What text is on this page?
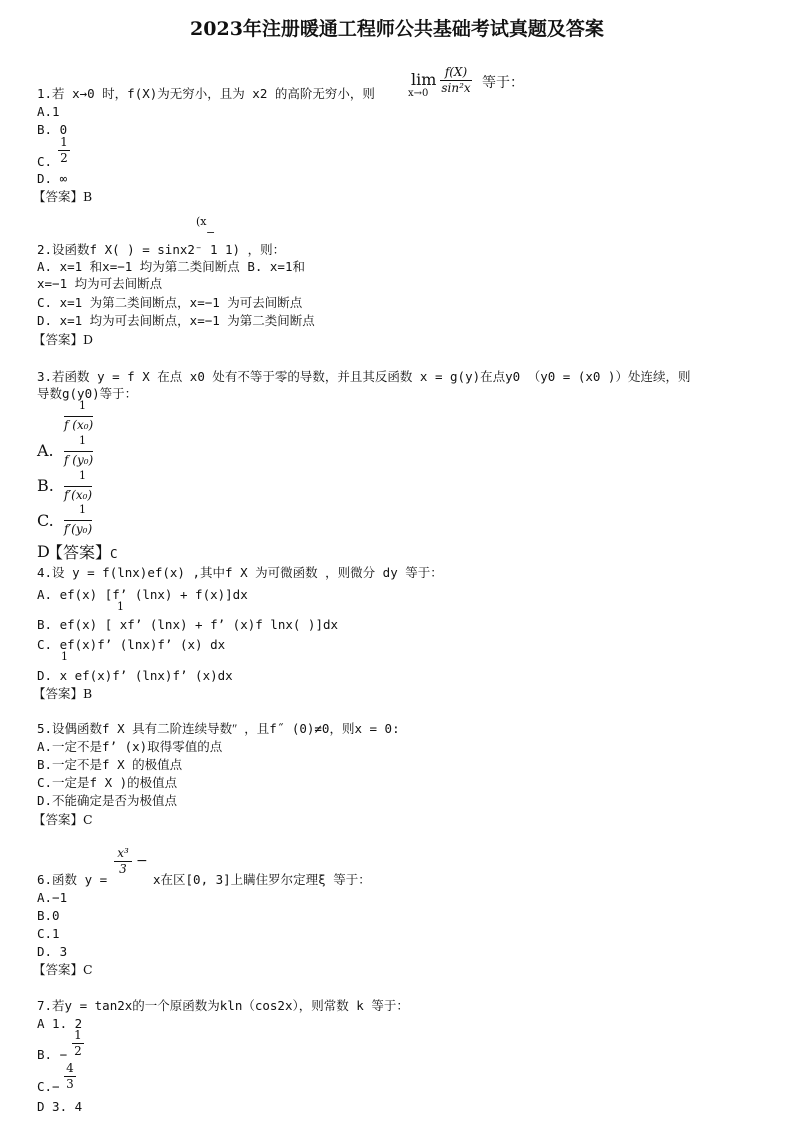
2023年注册暖通工程师公共基础考试真题及答案
1.若 x→0 时，f(X)为无穷小，且为 x2 的高阶无穷小，则
lim
x→0
f(X)
sin²x 等于：
A.1
B. 0
1
2
C.
D. ∞
【答案】B
(x
−
2.设函数f X( ) = sinx2⁻ 1 1) ，则：
A. x=1 和x=−1 均为第二类间断点 B. x=1和
x=−1 均为可去间断点
C. x=1 为第二类间断点，x=−1 为可去间断点
D. x=1 均为可去间断点，x=−1 为第二类间断点
【答案】D
3.若函数 y = f X 在点 x0 处有不等于零的导数，并且其反函数 x = g(y)在点y0 （y0 = (x0 )）处连续，则
导数g(y0)等于：
1
f (x₀)
A.
1
f (y₀)
B.
1
f′(x₀)
C.
1
f′(y₀)
D
【答案】
C
4.设 y = f(lnx)ef(x) ,其中f X 为可微函数 ，则微分 dy 等于：
A. ef(x) [f’ (lnx) + f(x)]dx
1
B. ef(x) [ xf’ (lnx) + f’ (x)f lnx( )]dx
C. ef(x)f’ (lnx)f’ (x) dx
1
D. x ef(x)f’ (lnx)f’ (x)dx
【答案】B
5.设偶函数f X 具有二阶连续导数ʺ ，且f˝ (0)≠0，则x = 0:
A.一定不是f’ (x)取得零值的点
B.一定不是f X 的极值点
C.一定是f X )的极值点
D.不能确定是否为极值点
【答案】C
x³
3 −
6.函数 y =	x在区[0, 3]上瞒住罗尔定理ξ 等于：
A.−1
B.0
C.1
D. 3
【答案】C
7.若y = tan2x的一个原函数为kln（cos2x），则常数 k 等于：
A 1. 2
1
2
B. −
4
3
C.−
D 3. 4
